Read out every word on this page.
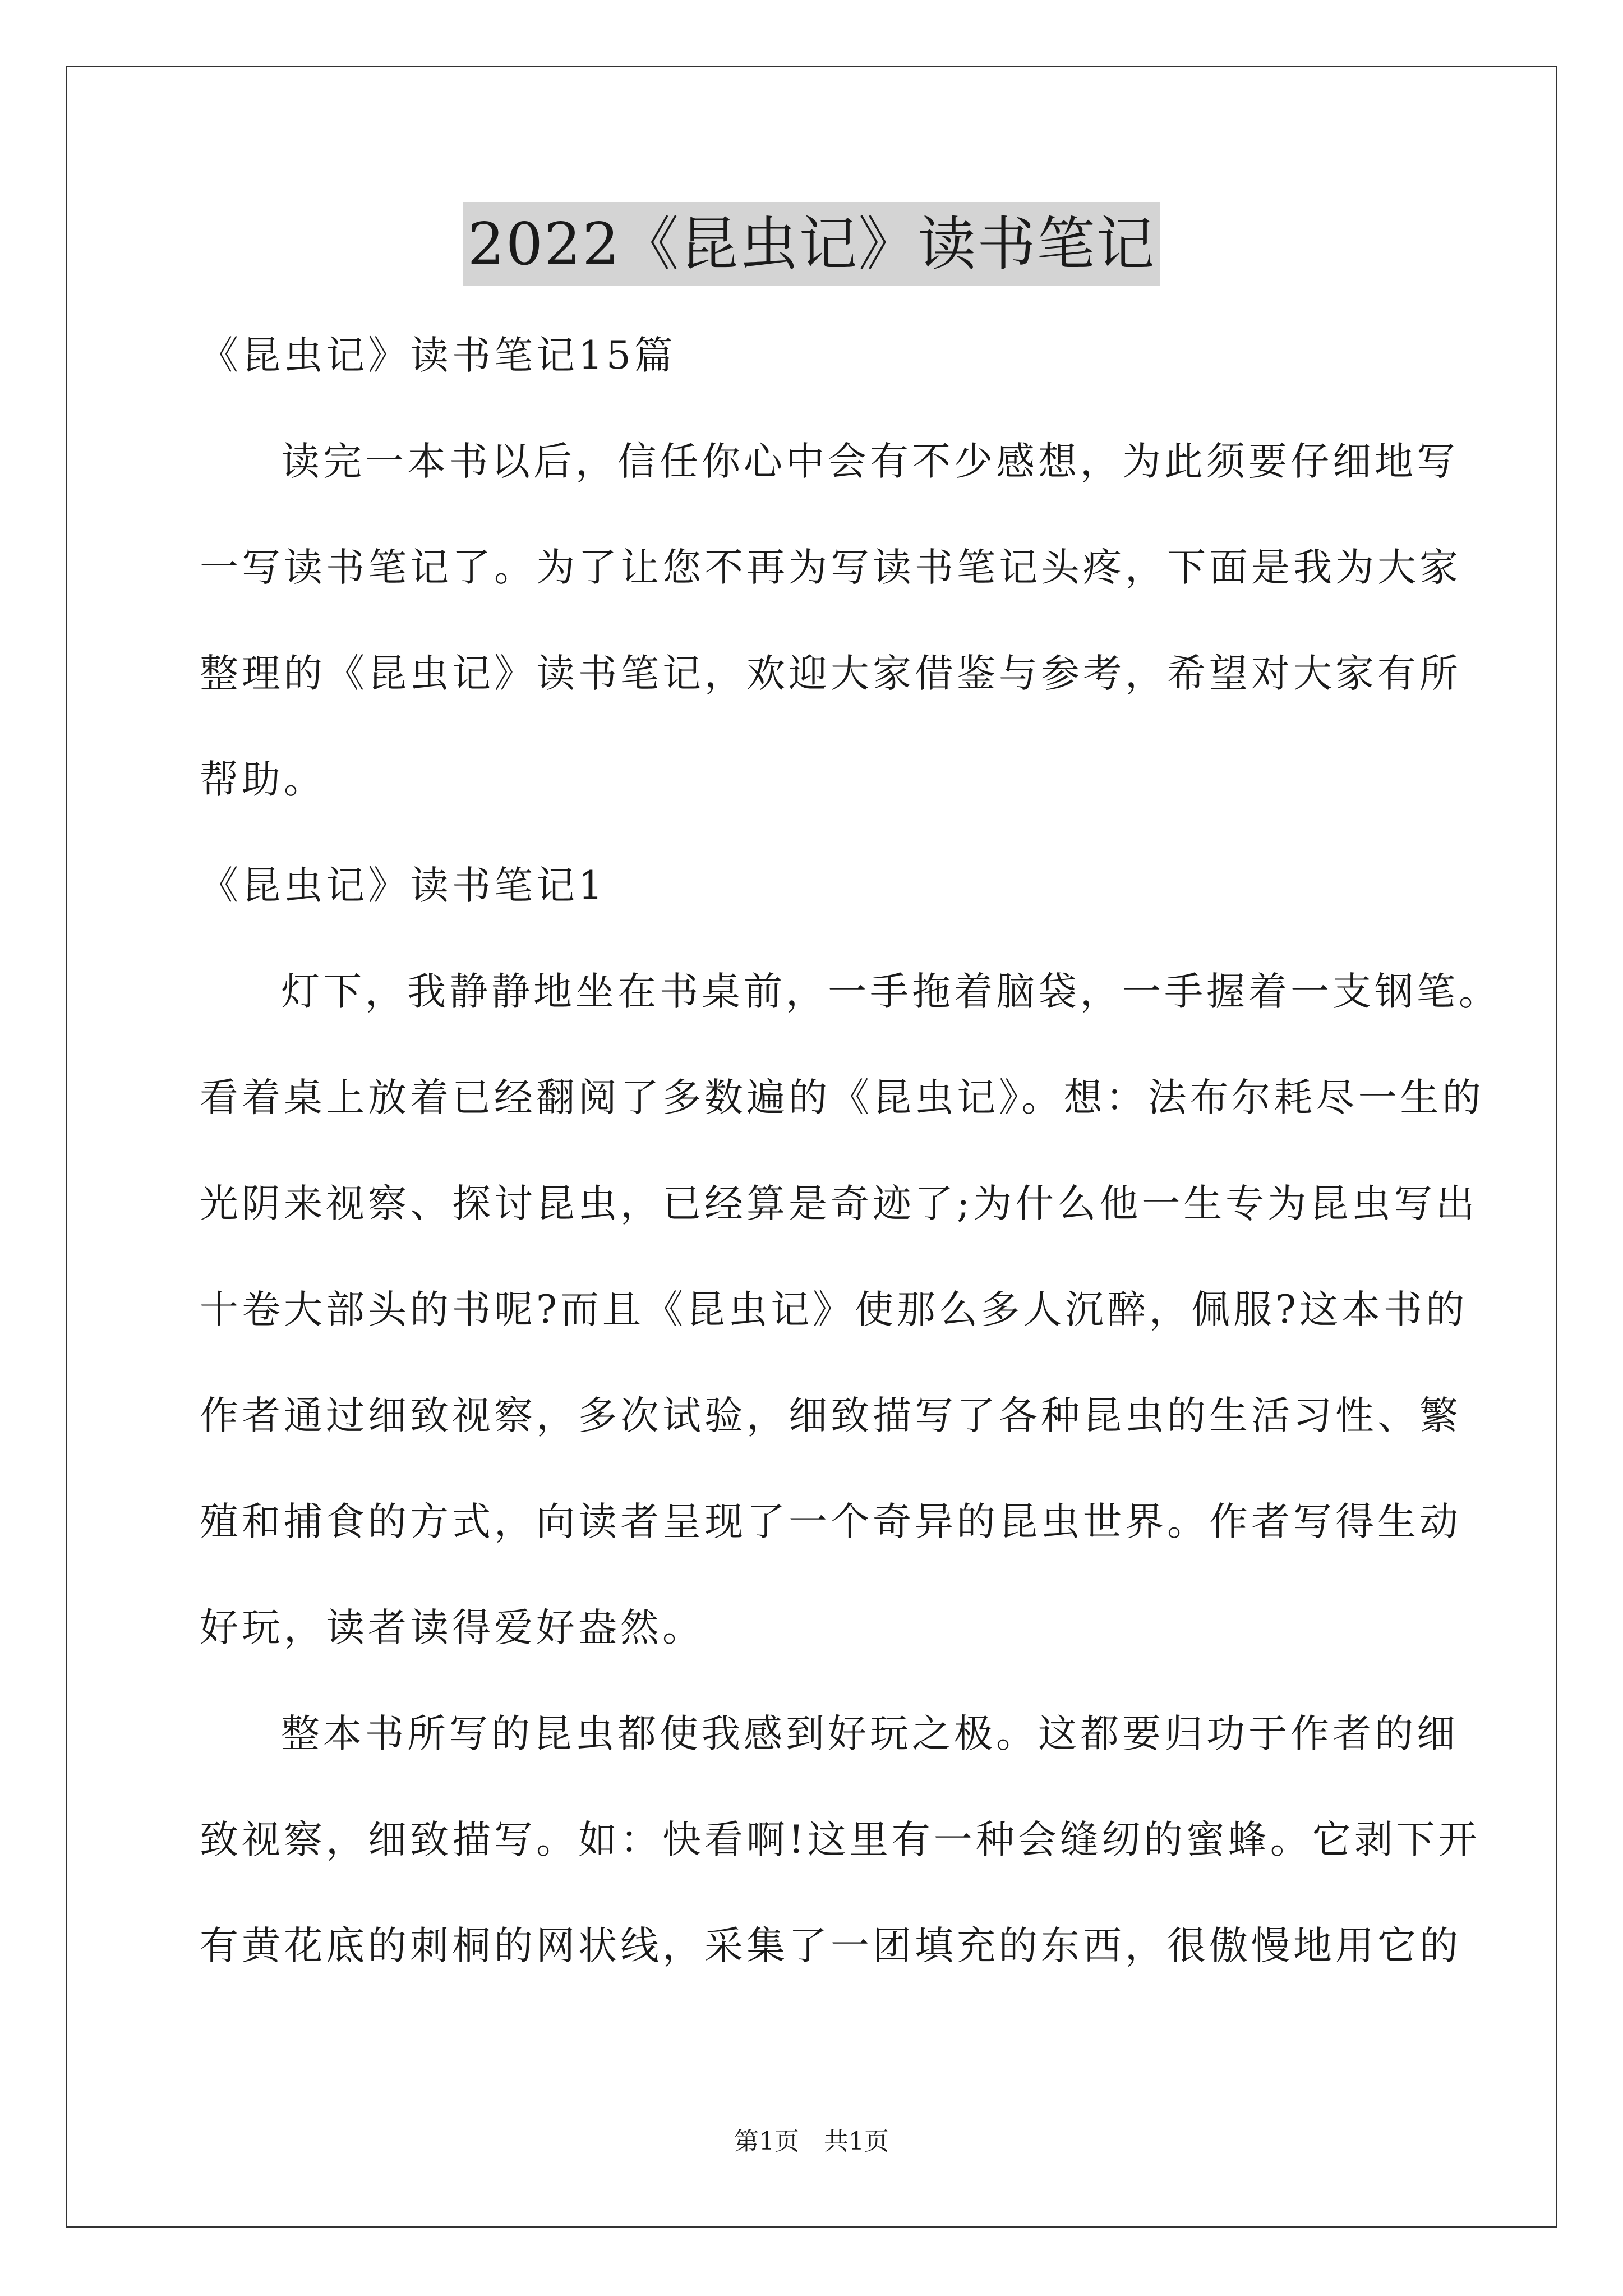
2022《昆虫记》读书笔记
《昆虫记》读书笔记15篇
读完一本书以后，信任你心中会有不少感想，为此须要仔细地写
一写读书笔记了。为了让您不再为写读书笔记头疼，下面是我为大家
整理的《昆虫记》读书笔记，欢迎大家借鉴与参考，希望对大家有所
帮助。
《昆虫记》读书笔记1
灯下，我静静地坐在书桌前，一手拖着脑袋，一手握着一支钢笔。
看着桌上放着已经翻阅了多数遍的《昆虫记》。想：法布尔耗尽一生的
光阴来视察、探讨昆虫，已经算是奇迹了;为什么他一生专为昆虫写出
十卷大部头的书呢?而且《昆虫记》使那么多人沉醉，佩服?这本书的
作者通过细致视察，多次试验，细致描写了各种昆虫的生活习性、繁
殖和捕食的方式，向读者呈现了一个奇异的昆虫世界。作者写得生动
好玩，读者读得爱好盎然。
整本书所写的昆虫都使我感到好玩之极。这都要归功于作者的细
致视察，细致描写。如：快看啊!这里有一种会缝纫的蜜蜂。它剥下开
有黄花底的刺桐的网状线，采集了一团填充的东西，很傲慢地用它的
第1页　共1页
